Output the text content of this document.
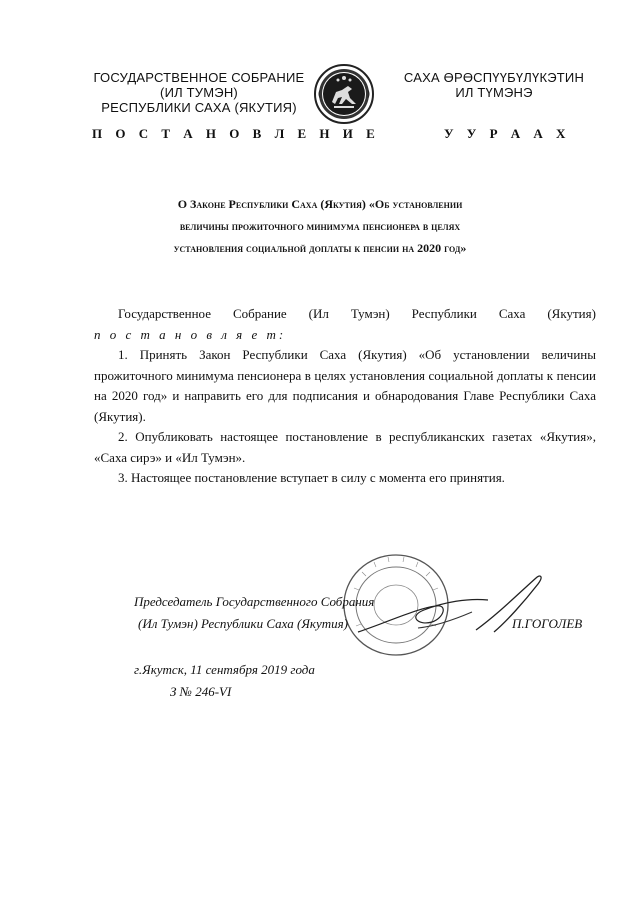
ГОСУДАРСТВЕННОЕ СОБРАНИЕ
(ИЛ ТУМЭН)
РЕСПУБЛИКИ САХА (ЯКУТИЯ)
САХА ӨРӨСПҮҮБҮЛҮКЭТИН
ИЛ ТҮМЭНЭ
П О С Т А Н О В Л Е Н И Е	У У Р А А Х
О Законе Республики Саха (Якутия) «Об установлении
величины прожиточного минимума пенсионера в целях
установления социальной доплаты к пенсии на 2020 год»
Государственное Собрание (Ил Тумэн) Республики Саха (Якутия)
п о с т а н о в л я е т:
1. Принять Закон Республики Саха (Якутия) «Об установлении величины прожиточного минимума пенсионера в целях установления социальной доплаты к пенсии на 2020 год» и направить его для подписания и обнародования Главе Республики Саха (Якутия).
2. Опубликовать настоящее постановление в республиканских газетах «Якутия», «Саха сирэ» и «Ил Тумэн».
3. Настоящее постановление вступает в силу с момента его принятия.
Председатель Государственного Собрания
(Ил Тумэн) Республики Саха (Якутия)	П.ГОГОЛЕВ
г.Якутск, 11 сентября 2019 года
З № 246-VI
